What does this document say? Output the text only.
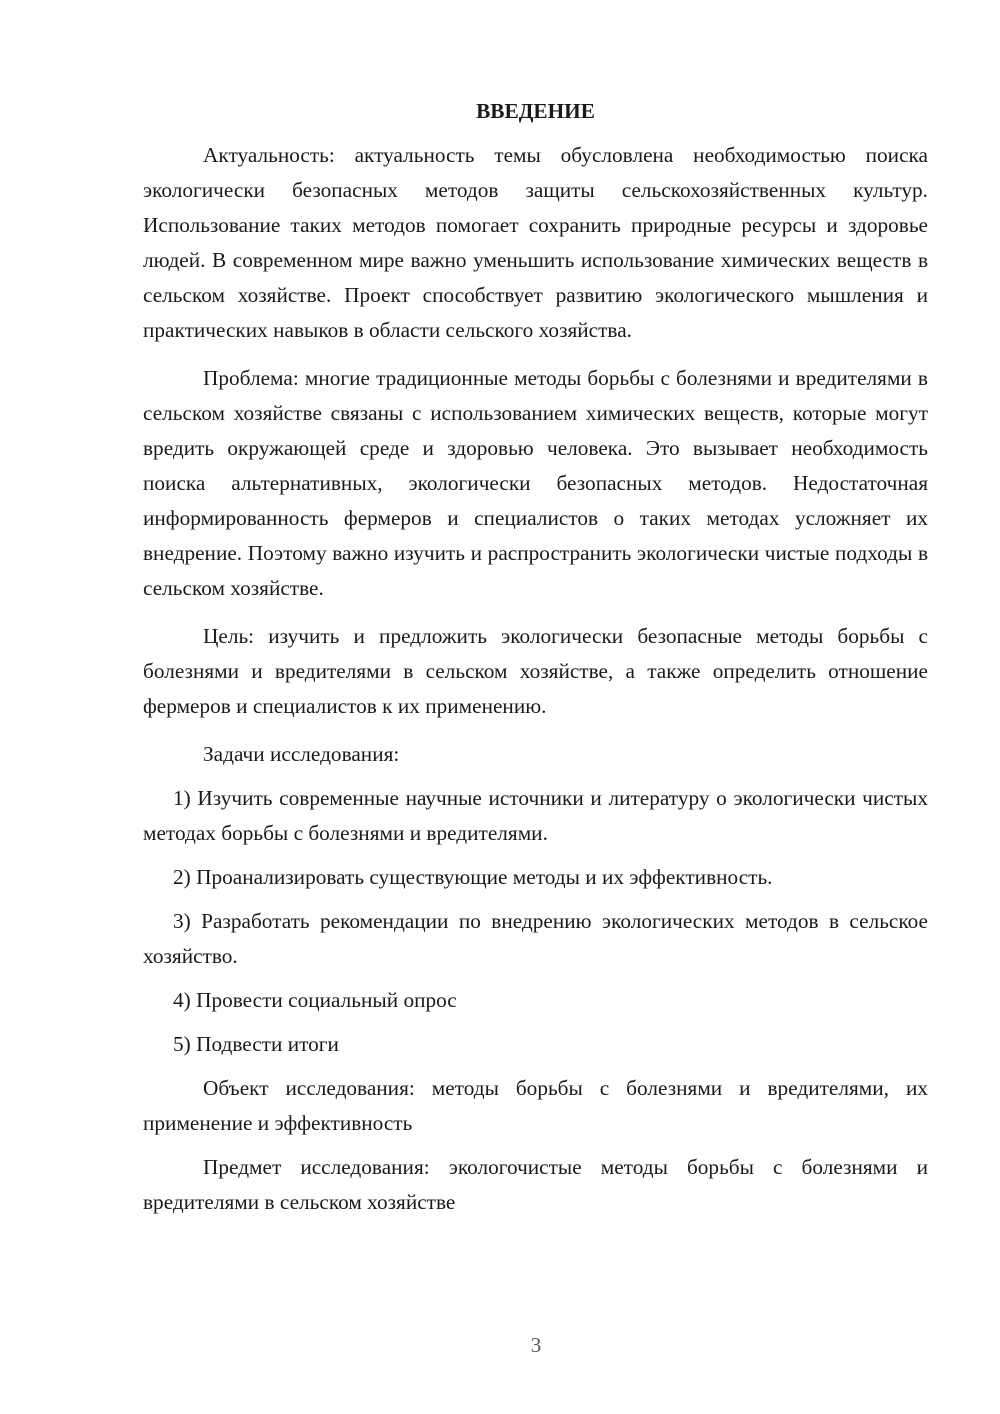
ВВЕДЕНИЕ

Актуальность: актуальность темы обусловлена необходимостью поиска экологически безопасных методов защиты сельскохозяйственных культур. Использование таких методов помогает сохранить природные ресурсы и здоровье людей. В современном мире важно уменьшить использование химических веществ в сельском хозяйстве. Проект способствует развитию экологического мышления и практических навыков в области сельского хозяйства.

Проблема: многие традиционные методы борьбы с болезнями и вредителями в сельском хозяйстве связаны с использованием химических веществ, которые могут вредить окружающей среде и здоровью человека. Это вызывает необходимость поиска альтернативных, экологически безопасных методов. Недостаточная информированность фермеров и специалистов о таких методах усложняет их внедрение. Поэтому важно изучить и распространить экологически чистые подходы в сельском хозяйстве.

Цель: изучить и предложить экологически безопасные методы борьбы с болезнями и вредителями в сельском хозяйстве, а также определить отношение фермеров и специалистов к их применению.

Задачи исследования:

1) Изучить современные научные источники и литературу о экологически чистых методах борьбы с болезнями и вредителями.

2) Проанализировать существующие методы и их эффективность.

3) Разработать рекомендации по внедрению экологических методов в сельское хозяйство.

4) Провести социальный опрос

5) Подвести итоги

Объект исследования: методы борьбы с болезнями и вредителями, их применение и эффективность

Предмет исследования: экологочистые методы борьбы с болезнями и вредителями в сельском хозяйстве

3
